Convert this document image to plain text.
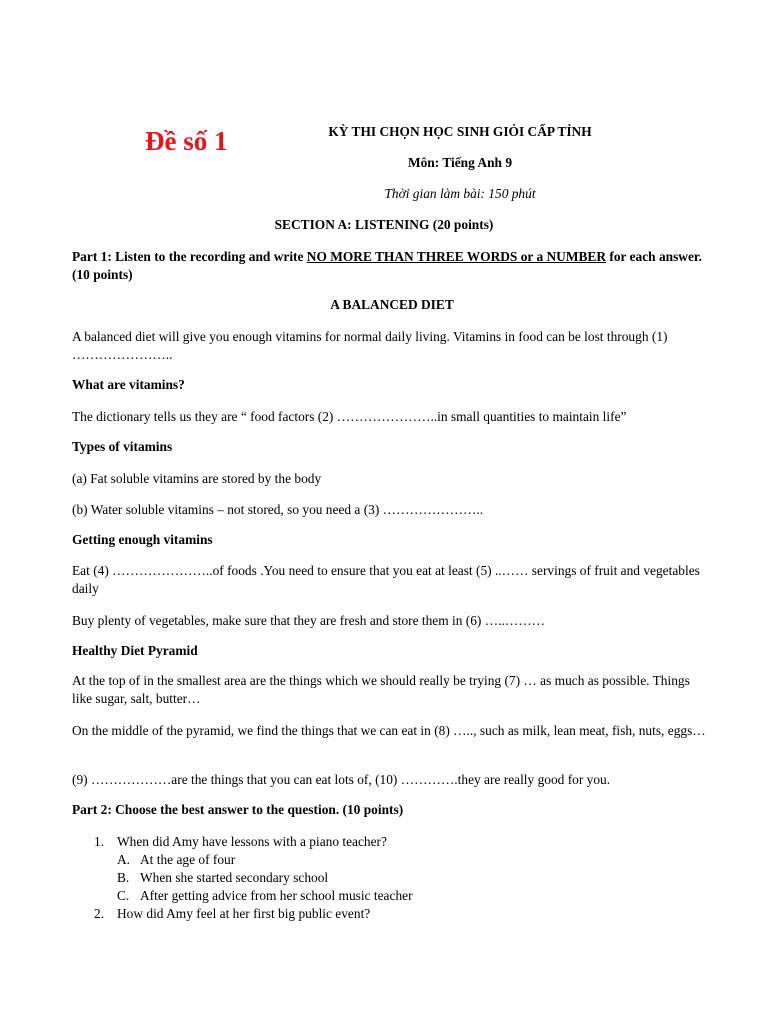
Đề số 1	KỲ THI CHỌN HỌC SINH GIỎI CẤP TỈNH
Môn: Tiếng Anh 9
Thời gian làm bài: 150 phút
SECTION A: LISTENING (20 points)
Part 1: Listen to the recording and write NO MORE THAN THREE WORDS or a NUMBER for each answer. (10 points)
A BALANCED DIET
A balanced diet will give you enough vitamins for normal daily living. Vitamins in food can be lost through (1) …………………..
What are vitamins?
The dictionary tells us they are “ food factors (2) …………………..in small quantities to maintain life”
Types of vitamins
(a) Fat soluble vitamins are stored by the body
(b) Water soluble vitamins – not stored, so you need a (3) …………………..
Getting enough vitamins
Eat (4) …………………..of foods .You need to ensure that you eat at least (5) ..…… servings of fruit and vegetables daily
Buy plenty of vegetables, make sure that they are fresh and store them in (6) …..………
Healthy Diet Pyramid
At the top of in the smallest area are the things which we should really be trying (7) … as much as possible. Things like sugar, salt, butter…
On the middle of the pyramid, we find the things that we can eat in (8) ….., such as milk, lean meat, fish, nuts, eggs…
(9) ………………are the things that you can eat lots of, (10) ………….they are really good for you.
Part 2: Choose the best answer to the question. (10 points)
1. When did Amy have lessons with a piano teacher?
A. At the age of four
B. When she started secondary school
C. After getting advice from her school music teacher
2. How did Amy feel at her first big public event?
